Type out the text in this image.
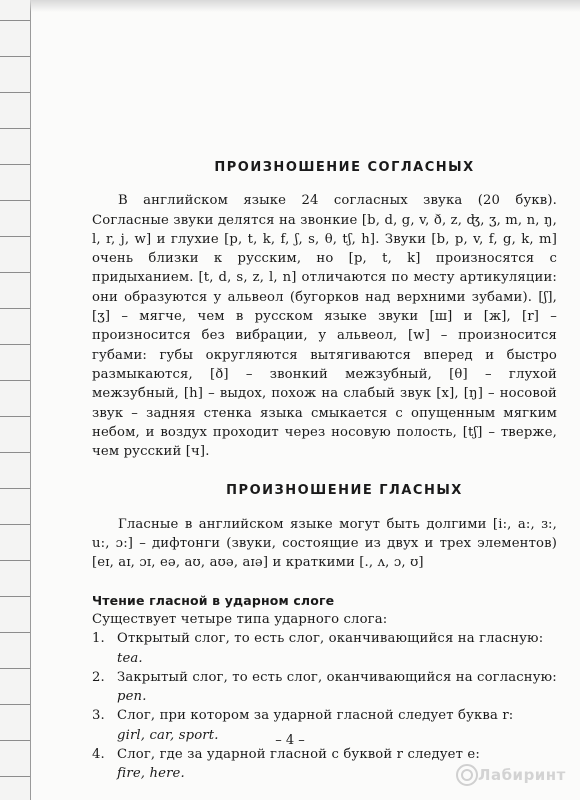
ПРОИЗНОШЕНИЕ СОГЛАСНЫХ

В английском языке 24 согласных звука (20 букв). Согласные звуки делятся на звонкие [b, d, g, v, ð, z, ʤ, ʒ, m, n, ŋ, l, r, j, w] и глухие [p, t, k, f, ʃ, s, θ, tʃ, h]. Звуки [b, p, v, f, g, k, m] очень близки к русским, но [p, t, k] произносятся с придыханием. [t, d, s, z, l, n] отличаются по месту артикуляции: они образуются у альвеол (бугорков над верхними зубами). [ʃ], [ʒ] – мягче, чем в русском языке звуки [ш] и [ж], [r] – произносится без вибрации, у альвеол, [w] – произносится губами: губы округляются вытягиваются вперед и быстро размыкаются, [ð] – звонкий межзубный, [θ] – глухой межзубный, [h] – выдох, похож на слабый звук [х], [ŋ] – носовой звук – задняя стенка языка смыкается с опущенным мягким небом, и воздух проходит через носовую полость, [tʃ] – тверже, чем русский [ч].

ПРОИЗНОШЕНИЕ ГЛАСНЫХ

Гласные в английском языке могут быть долгими [i:, a:, ɜ:, u:, ɔ:] – дифтонги (звуки, состоящие из двух и трех элементов) [eɪ, aɪ, ɔɪ, eə, aʊ, aʊə, aɪə] и краткими [., ʌ, ɔ, ʊ]

Чтение гласной в ударном слоге
Существует четыре типа ударного слога:
1. Открытый слог, то есть слог, оканчивающийся на гласную:
tea.
2. Закрытый слог, то есть слог, оканчивающийся на согласную:
pen.
3. Слог, при котором за ударной гласной следует буква r:
girl, car, sport.
4. Слог, где за ударной гласной с буквой r следует e:
fire, here.
– 4 –
Лабиринт
